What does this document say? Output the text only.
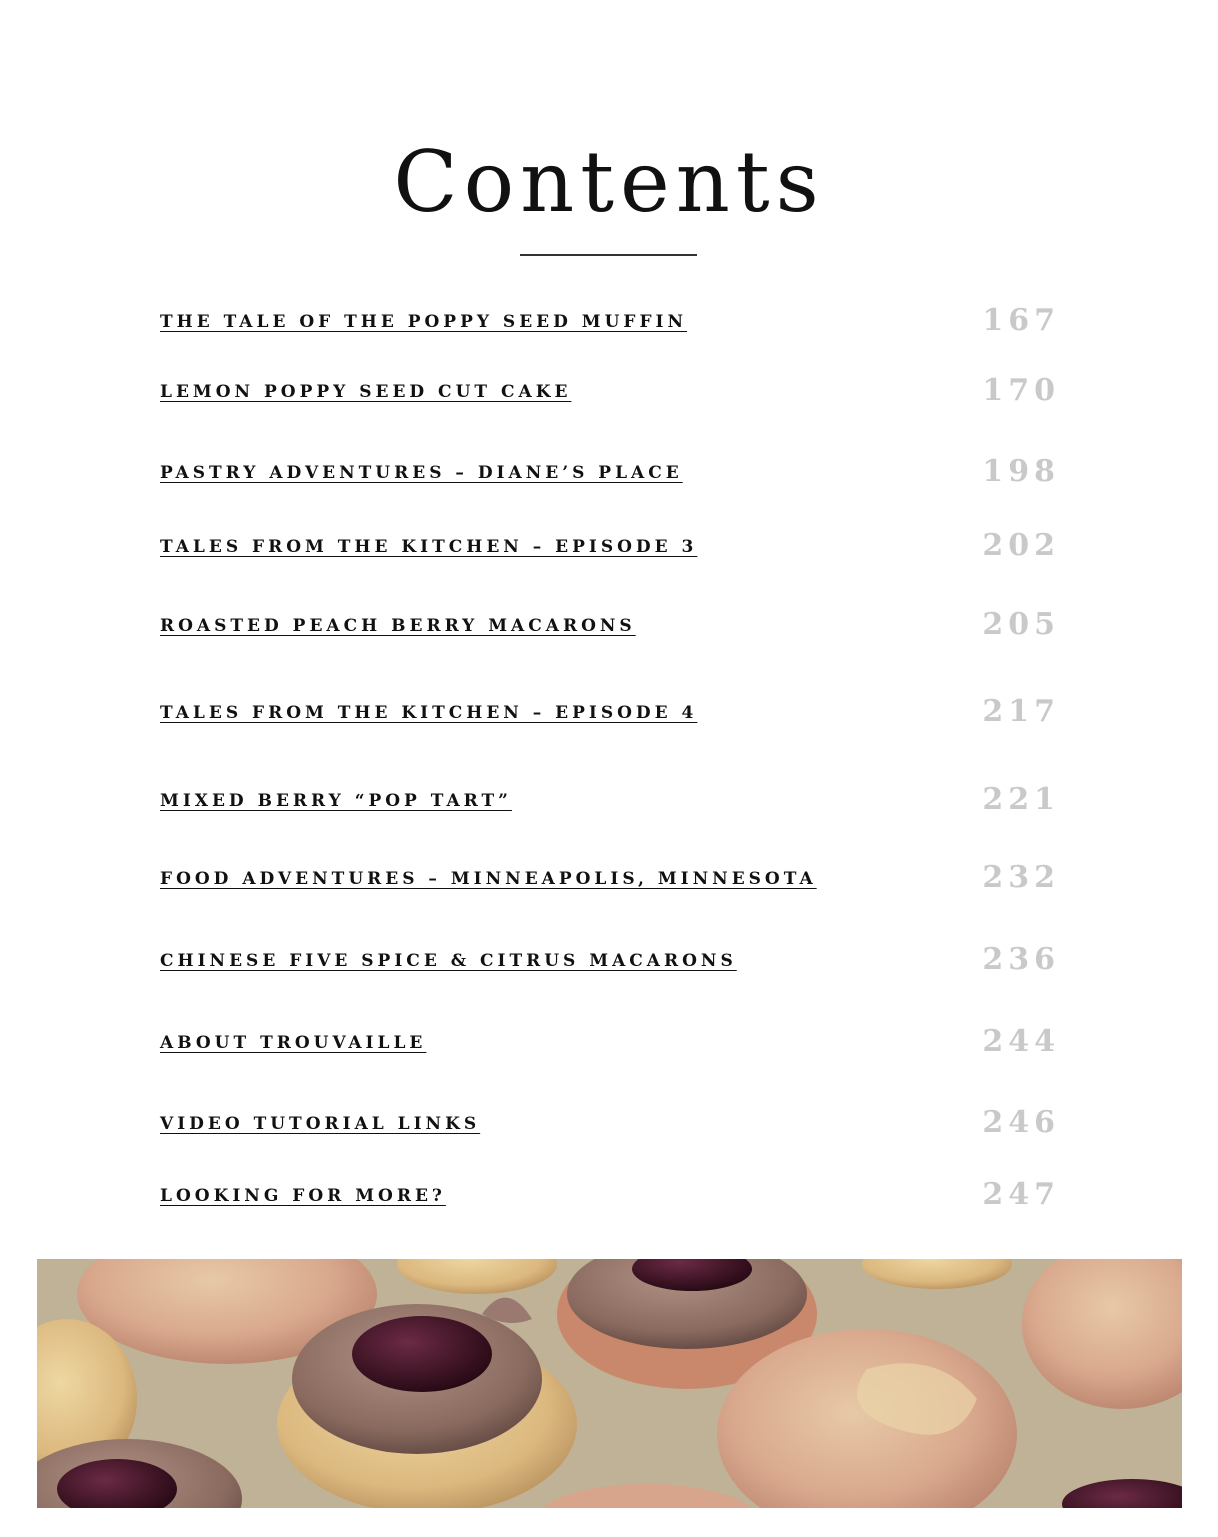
Contents
THE TALE OF THE POPPY SEED MUFFIN	167
LEMON POPPY SEED CUT CAKE	170
PASTRY ADVENTURES – DIANE’S PLACE	198
TALES FROM THE KITCHEN – EPISODE 3	202
ROASTED PEACH BERRY MACARONS	205
TALES FROM THE KITCHEN – EPISODE 4	217
MIXED BERRY “POP TART”	221
FOOD ADVENTURES – MINNEAPOLIS, MINNESOTA	232
CHINESE FIVE SPICE & CITRUS MACARONS	236
ABOUT TROUVAILLE	244
VIDEO TUTORIAL LINKS	246
LOOKING FOR MORE?	247
